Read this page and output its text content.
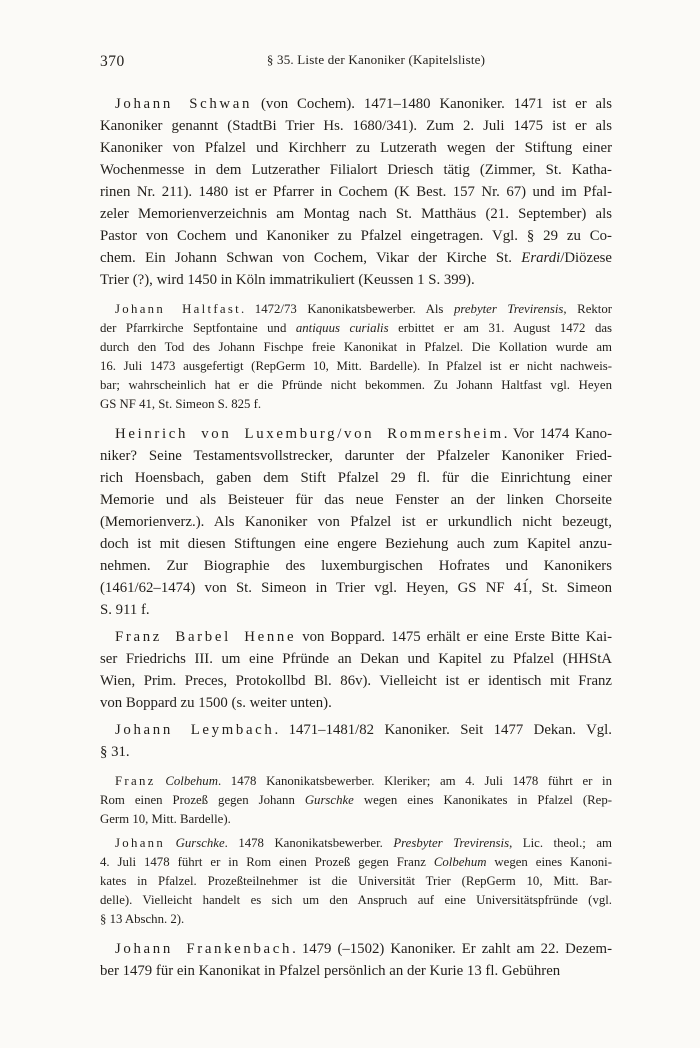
370	§ 35. Liste der Kanoniker (Kapitelsliste)
Johann Schwan (von Cochem). 1471–1480 Kanoniker. 1471 ist er als
Kanoniker genannt (StadtBi Trier Hs. 1680/341). Zum 2. Juli 1475 ist er als
Kanoniker von Pfalzel und Kirchherr zu Lutzerath wegen der Stiftung einer
Wochenmesse in dem Lutzerather Filialort Driesch tätig (Zimmer, St. Katha-
rinen Nr. 211). 1480 ist er Pfarrer in Cochem (K Best. 157 Nr. 67) und im Pfal-
zeler Memorienverzeichnis am Montag nach St. Matthäus (21. September) als
Pastor von Cochem und Kanoniker zu Pfalzel eingetragen. Vgl. § 29 zu Co-
chem. Ein Johann Schwan von Cochem, Vikar der Kirche St. Erardi/Diözese
Trier (?), wird 1450 in Köln immatrikuliert (Keussen 1 S. 399).
Johann Haltfast. 1472/73 Kanonikatsbewerber. Als prebyter Trevirensis, Rektor
der Pfarrkirche Septfontaine und antiquus curialis erbittet er am 31. August 1472 das
durch den Tod des Johann Fischpe freie Kanonikat in Pfalzel. Die Kollation wurde am
16. Juli 1473 ausgefertigt (RepGerm 10, Mitt. Bardelle). In Pfalzel ist er nicht nachweis-
bar; wahrscheinlich hat er die Pfründe nicht bekommen. Zu Johann Haltfast vgl. Heyen
GS NF 41, St. Simeon S. 825 f.
Heinrich von Luxemburg/von Rommersheim. Vor 1474 Kano-
niker? Seine Testamentsvollstrecker, darunter der Pfalzeler Kanoniker Fried-
rich Hoensbach, gaben dem Stift Pfalzel 29 fl. für die Einrichtung einer
Memorie und als Beisteuer für das neue Fenster an der linken Chorseite
(Memorienverz.). Als Kanoniker von Pfalzel ist er urkundlich nicht bezeugt,
doch ist mit diesen Stiftungen eine engere Beziehung auch zum Kapitel anzu-
nehmen. Zur Biographie des luxemburgischen Hofrates und Kanonikers
(1461/62–1474) von St. Simeon in Trier vgl. Heyen, GS NF 41́, St. Simeon
S. 911 f.
Franz Barbel Henne von Boppard. 1475 erhält er eine Erste Bitte Kai-
ser Friedrichs III. um eine Pfründe an Dekan und Kapitel zu Pfalzel (HHStA
Wien, Prim. Preces, Protokollbd Bl. 86v). Vielleicht ist er identisch mit Franz
von Boppard zu 1500 (s. weiter unten).
Johann Leymbach. 1471–1481/82 Kanoniker. Seit 1477 Dekan. Vgl.
§ 31.
Franz Colbehum. 1478 Kanonikatsbewerber. Kleriker; am 4. Juli 1478 führt er in
Rom einen Prozeß gegen Johann Gurschke wegen eines Kanonikates in Pfalzel (Rep-
Germ 10, Mitt. Bardelle).
Johann Gurschke. 1478 Kanonikatsbewerber. Presbyter Trevirensis, Lic. theol.; am
4. Juli 1478 führt er in Rom einen Prozeß gegen Franz Colbehum wegen eines Kanoni-
kates in Pfalzel. Prozeßteilnehmer ist die Universität Trier (RepGerm 10, Mitt. Bar-
delle). Vielleicht handelt es sich um den Anspruch auf eine Universitätspfründe (vgl.
§ 13 Abschn. 2).
Johann Frankenbach. 1479 (–1502) Kanoniker. Er zahlt am 22. Dezem-
ber 1479 für ein Kanonikat in Pfalzel persönlich an der Kurie 13 fl. Gebühren
